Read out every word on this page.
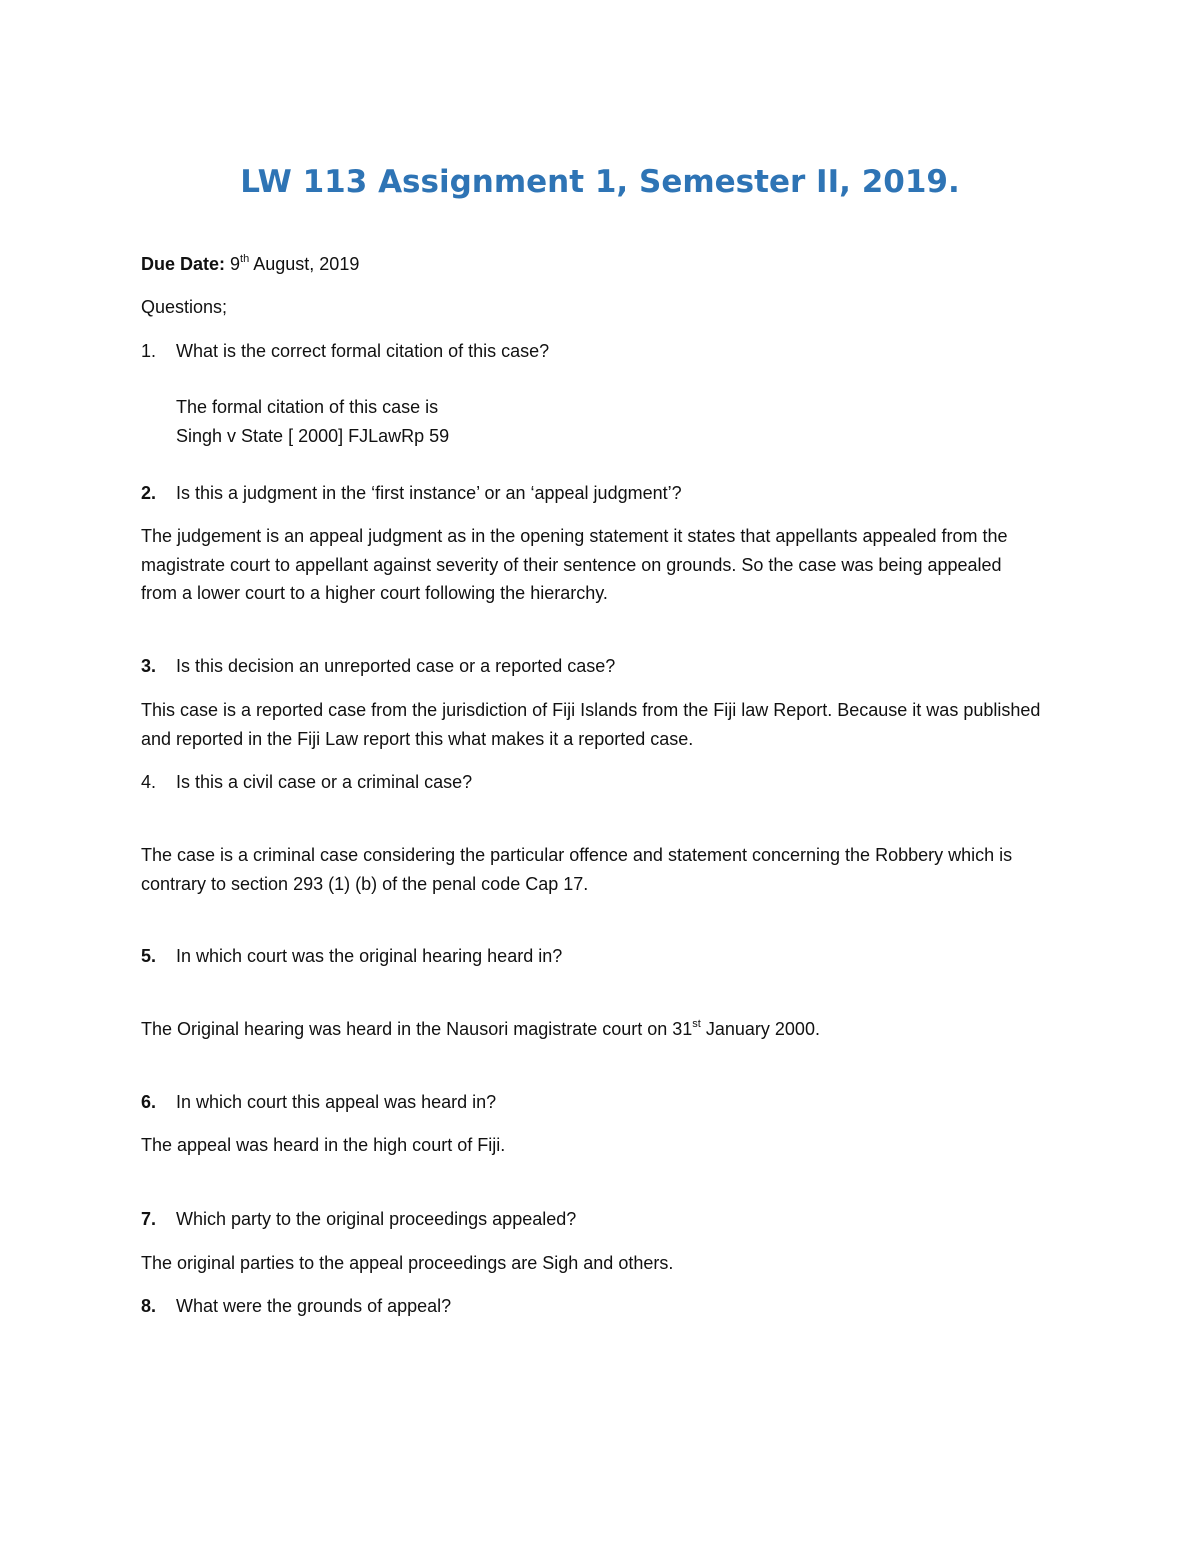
LW 113 Assignment 1, Semester II, 2019.

Due Date: 9th August, 2019

Questions;

1. What is the correct formal citation of this case?

The formal citation of this case is

Singh v State [ 2000] FJLawRp 59

2. Is this a judgment in the ‘first instance’ or an ‘appeal judgment’?

The judgement is an appeal judgment as in the opening statement it states that appellants appealed from the magistrate court to appellant against severity of their sentence on grounds. So the case was being appealed from a lower court to a higher court following the hierarchy.

3. Is this decision an unreported case or a reported case?

This case is a reported case from the jurisdiction of Fiji Islands from the Fiji law Report. Because it was published and reported in the Fiji Law report this what makes it a reported case.

4. Is this a civil case or a criminal case?

The case is a criminal case considering the particular offence and statement concerning the Robbery which is contrary to section 293 (1) (b) of the penal code Cap 17.

5. In which court was the original hearing heard in?

The Original hearing was heard in the Nausori magistrate court on 31st January 2000.

6. In which court this appeal was heard in?

The appeal was heard in the high court of Fiji.

7. Which party to the original proceedings appealed?

The original parties to the appeal proceedings are Sigh and others.

8. What were the grounds of appeal?
